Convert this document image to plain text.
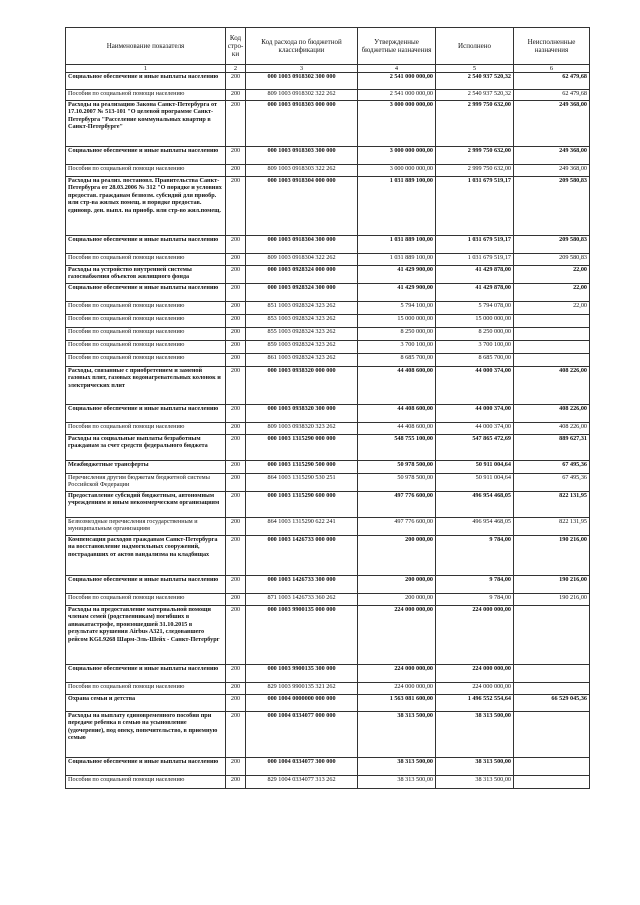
Наименование показателя	Код стро-ки	Код расхода по бюджетной классификации	Утвержденные бюджетные назначения	Исполнено	Неисполненные назначения
1	2	3	4	5	6
Социальное обеспечение и иные выплаты населению	200	000 1003 0918302 300 000	2 541 000 000,00	2 540 937 520,32	62 479,68
Пособия по социальной помощи населению	200	809 1003 0918302 322 262	2 541 000 000,00	2 540 937 520,32	62 479,68
Расходы на реализацию Закона Санкт-Петербурга от 17.10.2007 № 513-101 "О целевой программе Санкт-Петербурга "Расселение коммунальных квартир в Санкт-Петербурге"	200	000 1003 0918303 000 000	3 000 000 000,00	2 999 750 632,00	249 368,00
Социальное обеспечение и иные выплаты населению	200	000 1003 0918303 300 000	3 000 000 000,00	2 999 750 632,00	249 368,00
Пособия по социальной помощи населению	200	809 1003 0918303 322 262	3 000 000 000,00	2 999 750 632,00	249 368,00
Расходы на реализ. постановл. Правительства Санкт-Петербурга от 28.03.2006 № 312 "О порядке и условиях предостав. гражданам безвозм. субсидий для приобр. или стр-ва жилых помещ. и порядке предостав. единовр. ден. выпл. на приобр. или стр-во жил.помещ.	200	000 1003 0918304 000 000	1 031 889 100,00	1 031 679 519,17	209 580,83
Социальное обеспечение и иные выплаты населению	200	000 1003 0918304 300 000	1 031 889 100,00	1 031 679 519,17	209 580,83
Пособия по социальной помощи населению	200	809 1003 0918304 322 262	1 031 889 100,00	1 031 679 519,17	209 580,83
Расходы на устройство внутренней системы газоснабжения объектов жилищного фонда	200	000 1003 0928324 000 000	41 429 900,00	41 429 878,00	22,00
Социальное обеспечение и иные выплаты населению	200	000 1003 0928324 300 000	41 429 900,00	41 429 878,00	22,00
Пособия по социальной помощи населению	200	851 1003 0928324 323 262	5 794 100,00	5 794 078,00	22,00
Пособия по социальной помощи населению	200	853 1003 0928324 323 262	15 000 000,00	15 000 000,00	
Пособия по социальной помощи населению	200	855 1003 0928324 323 262	8 250 000,00	8 250 000,00	
Пособия по социальной помощи населению	200	859 1003 0928324 323 262	3 700 100,00	3 700 100,00	
Пособия по социальной помощи населению	200	861 1003 0928324 323 262	8 685 700,00	8 685 700,00	
Расходы, связанные с приобретением и заменой газовых плит, газовых водонагревательных колонок и электрических плит	200	000 1003 0938320 000 000	44 408 600,00	44 000 374,00	408 226,00
Социальное обеспечение и иные выплаты населению	200	000 1003 0938320 300 000	44 408 600,00	44 000 374,00	408 226,00
Пособия по социальной помощи населению	200	809 1003 0938320 323 262	44 408 600,00	44 000 374,00	408 226,00
Расходы на социальные выплаты безработным гражданам за счет средств федерального бюджета	200	000 1003 1315290 000 000	548 755 100,00	547 865 472,69	889 627,31
Межбюджетные трансферты	200	000 1003 1315290 500 000	50 978 500,00	50 911 004,64	67 495,36
Перечисления другим бюджетам бюджетной системы Российской Федерации	200	864 1003 1315290 530 251	50 978 500,00	50 911 004,64	67 495,36
Предоставление субсидий бюджетным, автономным учреждениям и иным некоммерческим организациям	200	000 1003 1315290 600 000	497 776 600,00	496 954 468,05	822 131,95
Безвозмездные перечисления государственным и муниципальным организациям	200	864 1003 1315290 622 241	497 776 600,00	496 954 468,05	822 131,95
Компенсация расходов гражданам Санкт-Петербурга на восстановление надмогильных сооружений, пострадавших от актов вандализма на кладбищах	200	000 1003 1426733 000 000	200 000,00	9 784,00	190 216,00
Социальное обеспечение и иные выплаты населению	200	000 1003 1426733 300 000	200 000,00	9 784,00	190 216,00
Пособия по социальной помощи населению	200	871 1003 1426733 360 262	200 000,00	9 784,00	190 216,00
Расходы на предоставление материальной помощи членам семей (родственникам) погибших в авиакатастрофе, произошедшей 31.10.2015 в результате крушения Airbus A321, следовавшего рейсом KGL9268 Шарм-Эль-Шейх - Санкт-Петербург	200	000 1003 9900135 000 000	224 000 000,00	224 000 000,00	
Социальное обеспечение и иные выплаты населению	200	000 1003 9900135 300 000	224 000 000,00	224 000 000,00	
Пособия по социальной помощи населению	200	829 1003 9900135 321 262	224 000 000,00	224 000 000,00	
Охрана семьи и детства	200	000 1004 0000000 000 000	1 563 081 600,00	1 496 552 554,64	66 529 045,36
Расходы на выплату единовременного пособия при передаче ребенка в семью на усыновление (удочерение), под опеку, попечительство, в приемную семью	200	000 1004 0334077 000 000	38 313 500,00	38 313 500,00	
Социальное обеспечение и иные выплаты населению	200	000 1004 0334077 300 000	38 313 500,00	38 313 500,00	
Пособия по социальной помощи населению	200	829 1004 0334077 313 262	38 313 500,00	38 313 500,00	
